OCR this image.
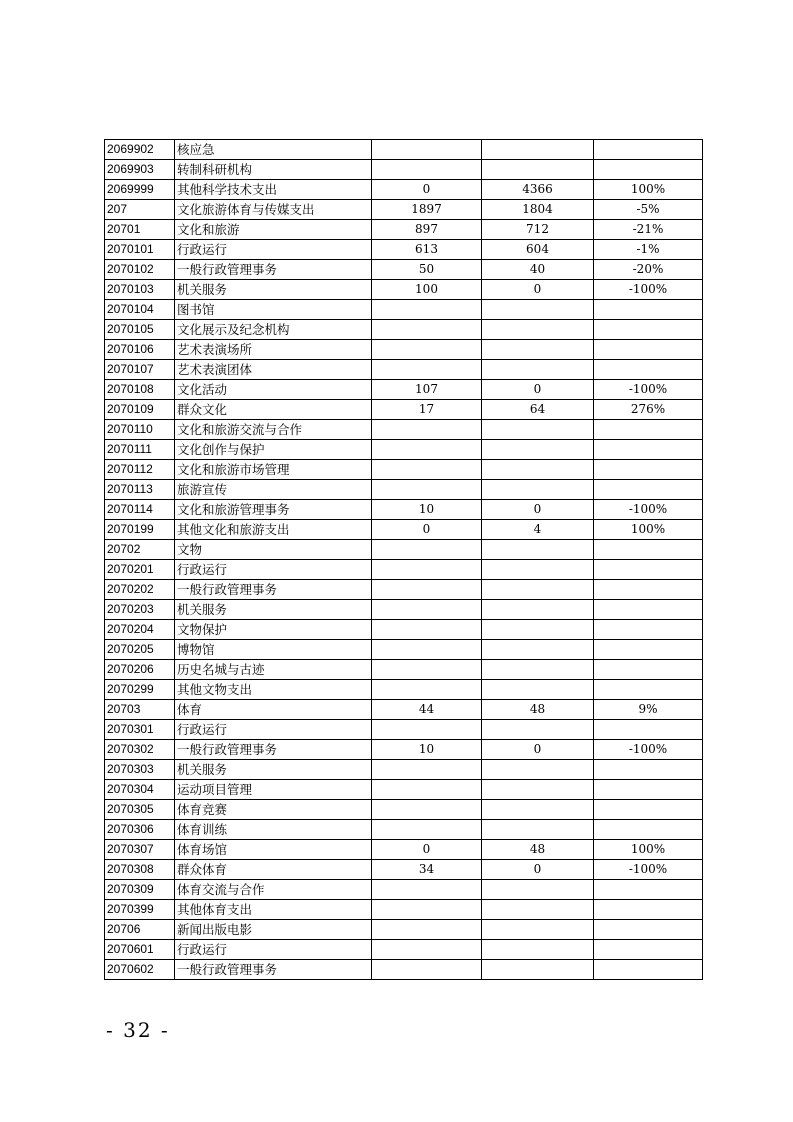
2069902	核应急			
2069903	转制科研机构			
2069999	其他科学技术支出	0	4366	100%
207	文化旅游体育与传媒支出	1897	1804	-5%
20701	文化和旅游	897	712	-21%
2070101	行政运行	613	604	-1%
2070102	一般行政管理事务	50	40	-20%
2070103	机关服务	100	0	-100%
2070104	图书馆			
2070105	文化展示及纪念机构			
2070106	艺术表演场所			
2070107	艺术表演团体			
2070108	文化活动	107	0	-100%
2070109	群众文化	17	64	276%
2070110	文化和旅游交流与合作			
2070111	文化创作与保护			
2070112	文化和旅游市场管理			
2070113	旅游宣传			
2070114	文化和旅游管理事务	10	0	-100%
2070199	其他文化和旅游支出	0	4	100%
20702	文物			
2070201	行政运行			
2070202	一般行政管理事务			
2070203	机关服务			
2070204	文物保护			
2070205	博物馆			
2070206	历史名城与古迹			
2070299	其他文物支出			
20703	体育	44	48	9%
2070301	行政运行			
2070302	一般行政管理事务	10	0	-100%
2070303	机关服务			
2070304	运动项目管理			
2070305	体育竞赛			
2070306	体育训练			
2070307	体育场馆	0	48	100%
2070308	群众体育	34	0	-100%
2070309	体育交流与合作			
2070399	其他体育支出			
20706	新闻出版电影			
2070601	行政运行			
2070602	一般行政管理事务			
- 32 -
